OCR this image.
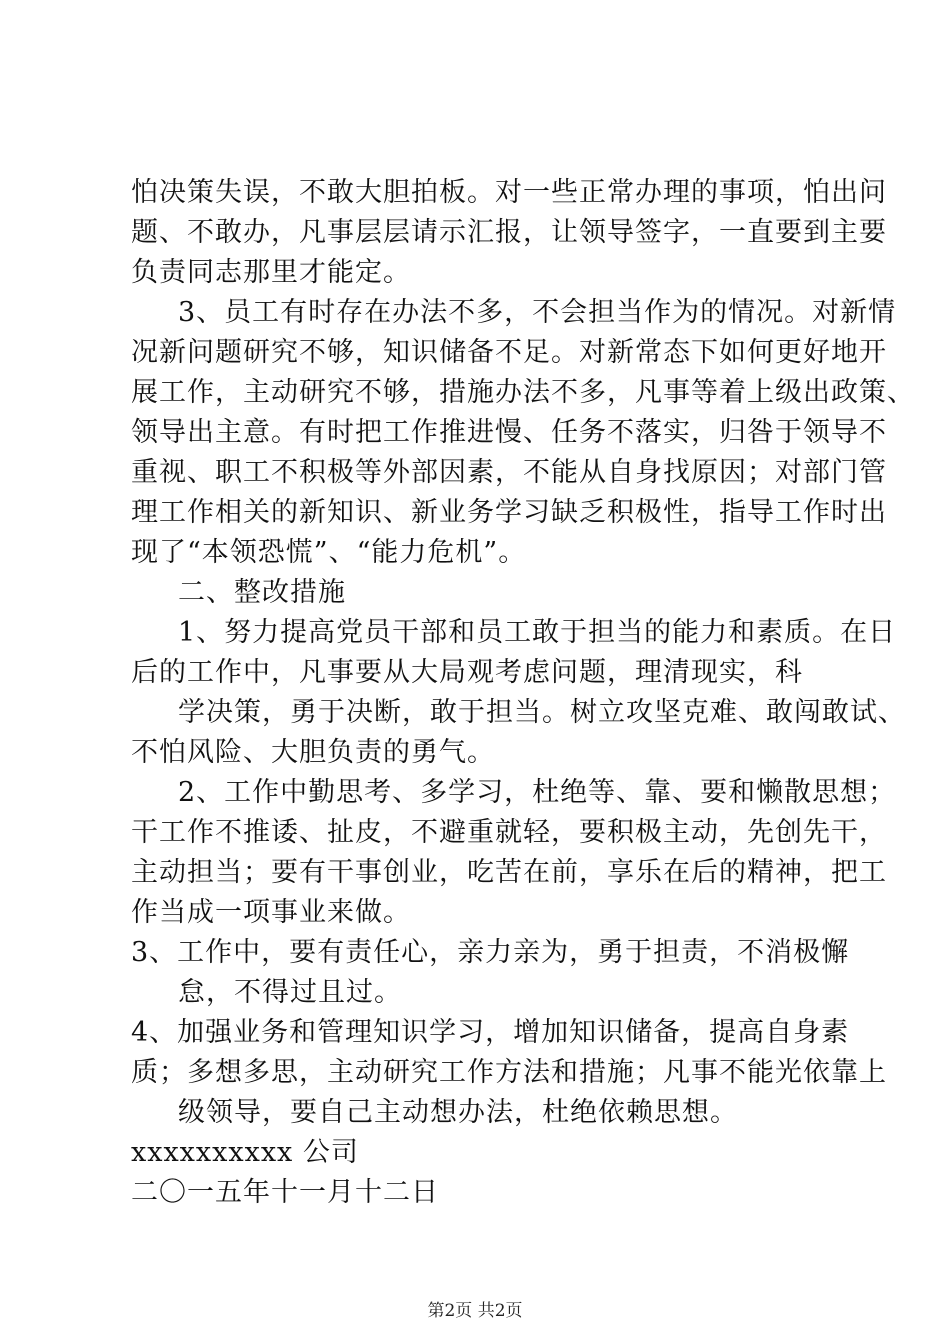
怕决策失误，不敢大胆拍板。对一些正常办理的事项，怕出问
题、不敢办，凡事层层请示汇报，让领导签字，一直要到主要
负责同志那里才能定。
3、员工有时存在办法不多，不会担当作为的情况。对新情
况新问题研究不够，知识储备不足。对新常态下如何更好地开
展工作，主动研究不够，措施办法不多，凡事等着上级出政策、
领导出主意。有时把工作推进慢、任务不落实，归咎于领导不
重视、职工不积极等外部因素，不能从自身找原因；对部门管
理工作相关的新知识、新业务学习缺乏积极性，指导工作时出
现了“本领恐慌”、“能力危机”。
二、整改措施
1、努力提高党员干部和员工敢于担当的能力和素质。在日
后的工作中，凡事要从大局观考虑问题，理清现实，科
学决策，勇于决断，敢于担当。树立攻坚克难、敢闯敢试、
不怕风险、大胆负责的勇气。
2、工作中勤思考、多学习，杜绝等、靠、要和懒散思想；
干工作不推诿、扯皮，不避重就轻，要积极主动，先创先干，
主动担当；要有干事创业，吃苦在前，享乐在后的精神，把工
作当成一项事业来做。
3、工作中，要有责任心，亲力亲为，勇于担责，不消极懈
怠，不得过且过。
4、加强业务和管理知识学习，增加知识储备，提高自身素
质；多想多思，主动研究工作方法和措施；凡事不能光依靠上
级领导，要自己主动想办法，杜绝依赖思想。
xxxxxxxxxx 公司
二〇一五年十一月十二日
第2页 共2页
